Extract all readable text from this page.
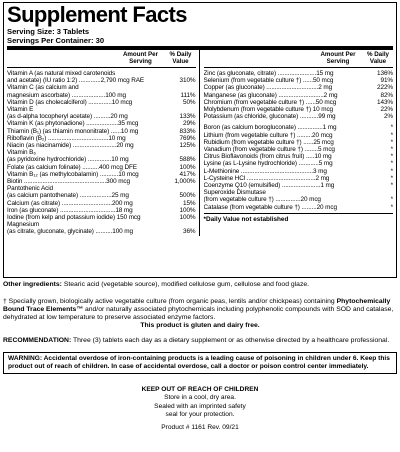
Supplement Facts
Serving Size: 3 Tablets
Servings Per Container: 30
Amount Per Serving
% Daily Value
Vitamin A (as natural mixed carotenoids
and acetate) (IU ratio 1:2) .............2,790 mcg RAE	310%
Vitamin C (as calcium and
magnesium ascorbate) ....................100 mg	111%
Vitamin D (as cholecalciferol) ..............10 mcg	50%
Vitamin E
(as d-alpha tocopheryl acetate) ..........20 mg	133%
Vitamin K (as phytonadione) ...................35 mcg	29%
Thiamin (B₁) (as thiamin mononitrate) ......10 mg	833%
Riboflavin (B₂) ....................................10 mg	769%
Niacin (as niacinamide) ..........................20 mg	125%
Vitamin B₆
(as pyridoxine hydrochloride) ..............10 mg	588%
Folate (as calcium folinate) ..........400 mcg DFE	100%
Vitamin B₁₂ (as methylcobalamin) ...........10 mcg	417%
Biotin .................................................300 mcg	1,000%
Pantothenic Acid
(as calcium pantothenate) ...................25 mg	500%
Calcium (as citrate) ..............................200 mg	15%
Iron (as gluconate) .................................18 mg	100%
Iodine (from kelp and potassium iodide) 150 mcg	100%
Magnesium
(as citrate, gluconate, glycinate) ..........100 mg	36%
Amount Per Serving
% Daily Value
Zinc (as gluconate, citrate) .......................15 mg	136%
Selenium (from vegetable culture †) ......50 mcg	91%
Copper (as gluconate) ...............................2 mg	222%
Manganese (as gluconate) ...........................2 mg	82%
Chromium (from vegetable culture †) ......50 mcg	143%
Molybdenum (from vegetable culture †) 10 mcg	22%
Potassium (as chloride, gluconate) ...........99 mg	2%
Boron (as calcium borogluconate) ...............1 mg	*
Lithium (from vegetable culture †) .........20 mcg	*
Rubidium (from vegetable culture †) ......25 mcg	*
Vanadium (from vegetable culture †) ........5 mcg	*
Citrus Bioflavonoids (from citrus fruit) .....10 mg	*
Lysine (as L-Lysine hydrochloride) ............5 mg	*
L-Methionine ...........................................3 mg	*
L-Cysteine HCl .........................................2 mg	*
Coenzyme Q10 (emulsified) .......................1 mg	*
Superoxide Dismutase
(from vegetable culture †) ...............20 mcg	*
Catalase (from vegetable culture †) .........20 mcg	*
*Daily Value not established
Other ingredients: Stearic acid (vegetable source), modified cellulose gum, cellulose and food glaze.
† Specially grown, biologically active vegetable culture (from organic peas, lentils and/or chickpeas) containing Phytochemically Bound Trace Elements™ and/or naturally associated phytochemicals including polyphenolic compounds with SOD and catalase, dehydrated at low temperature to preserve associated enzyme factors.
This product is gluten and dairy free.
RECOMMENDATION: Three (3) tablets each day as a dietary supplement or as otherwise directed by a healthcare professional.
WARNING: Accidental overdose of iron-containing products is a leading cause of poisoning in children under 6. Keep this product out of reach of children. In case of accidental overdose, call a doctor or poison control center immediately.
KEEP OUT OF REACH OF CHILDREN
Store in a cool, dry area.
Sealed with an imprinted safety
seal for your protection.
Product # 1161 Rev. 09/21
